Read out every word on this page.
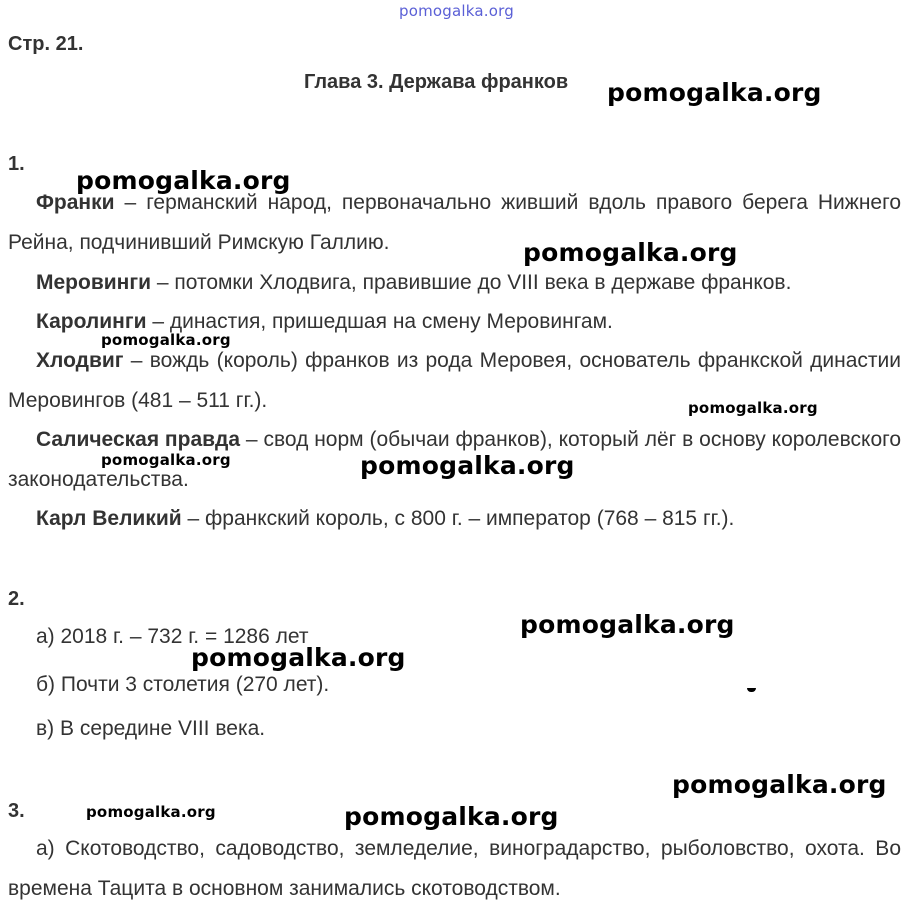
pomogalka.org
Стр. 21.
Глава 3. Держава франков
1.
Франки – германский народ, первоначально живший вдоль правого берега Нижнего Рейна, подчинивший Римскую Галлию.
Меровинги – потомки Хлодвига, правившие до VIII века в державе франков.
Каролинги – династия, пришедшая на смену Меровингам.
Хлодвиг – вождь (король) франков из рода Меровея, основатель франкской династии Меровингов (481 – 511 гг.).
Салическая правда – свод норм (обычаи франков), который лёг в основу королевского законодательства.
Карл Великий – франкский король, с 800 г. – император (768 – 815 гг.).
2.
а) 2018 г. – 732 г. = 1286 лет
б) Почти 3 столетия (270 лет).
в) В середине VIII века.
3.
а) Скотоводство, садоводство, земледелие, виноградарство, рыболовство, охота. Во времена Тацита в основном занимались скотоводством.
pomogalka.org
pomogalka.org
pomogalka.org
pomogalka.org
pomogalka.org
pomogalka.org	pomogalka.org
pomogalka.org
pomogalka.org
pomogalka.org
pomogalka.org	pomogalka.org
